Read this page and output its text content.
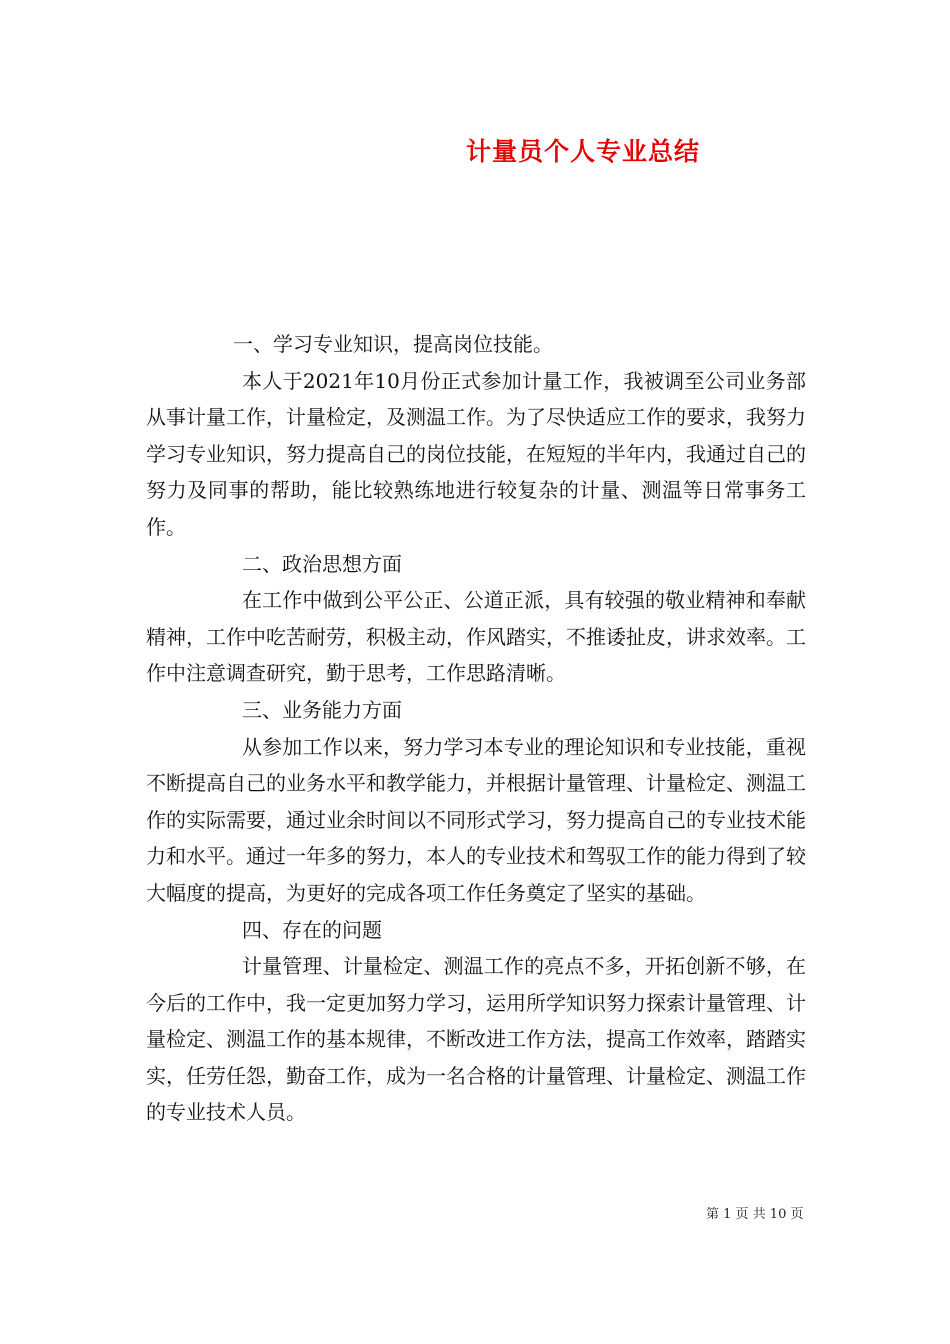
计量员个人专业总结
一、学习专业知识，提高岗位技能。

本人于2021年10月份正式参加计量工作，我被调至公司业务部从事计量工作，计量检定，及测温工作。为了尽快适应工作的要求，我努力学习专业知识，努力提高自己的岗位技能，在短短的半年内，我通过自己的努力及同事的帮助，能比较熟练地进行较复杂的计量、测温等日常事务工作。

二、政治思想方面

在工作中做到公平公正、公道正派，具有较强的敬业精神和奉献精神，工作中吃苦耐劳，积极主动，作风踏实，不推诿扯皮，讲求效率。工作中注意调查研究，勤于思考，工作思路清晰。

三、业务能力方面

从参加工作以来，努力学习本专业的理论知识和专业技能，重视不断提高自己的业务水平和教学能力，并根据计量管理、计量检定、测温工作的实际需要，通过业余时间以不同形式学习，努力提高自己的专业技术能力和水平。通过一年多的努力，本人的专业技术和驾驭工作的能力得到了较大幅度的提高，为更好的完成各项工作任务奠定了坚实的基础。

四、存在的问题

计量管理、计量检定、测温工作的亮点不多，开拓创新不够，在今后的工作中，我一定更加努力学习，运用所学知识努力探索计量管理、计量检定、测温工作的基本规律，不断改进工作方法，提高工作效率，踏踏实实，任劳任怨，勤奋工作，成为一名合格的计量管理、计量检定、测温工作的专业技术人员。

第 1 页 共 10 页
